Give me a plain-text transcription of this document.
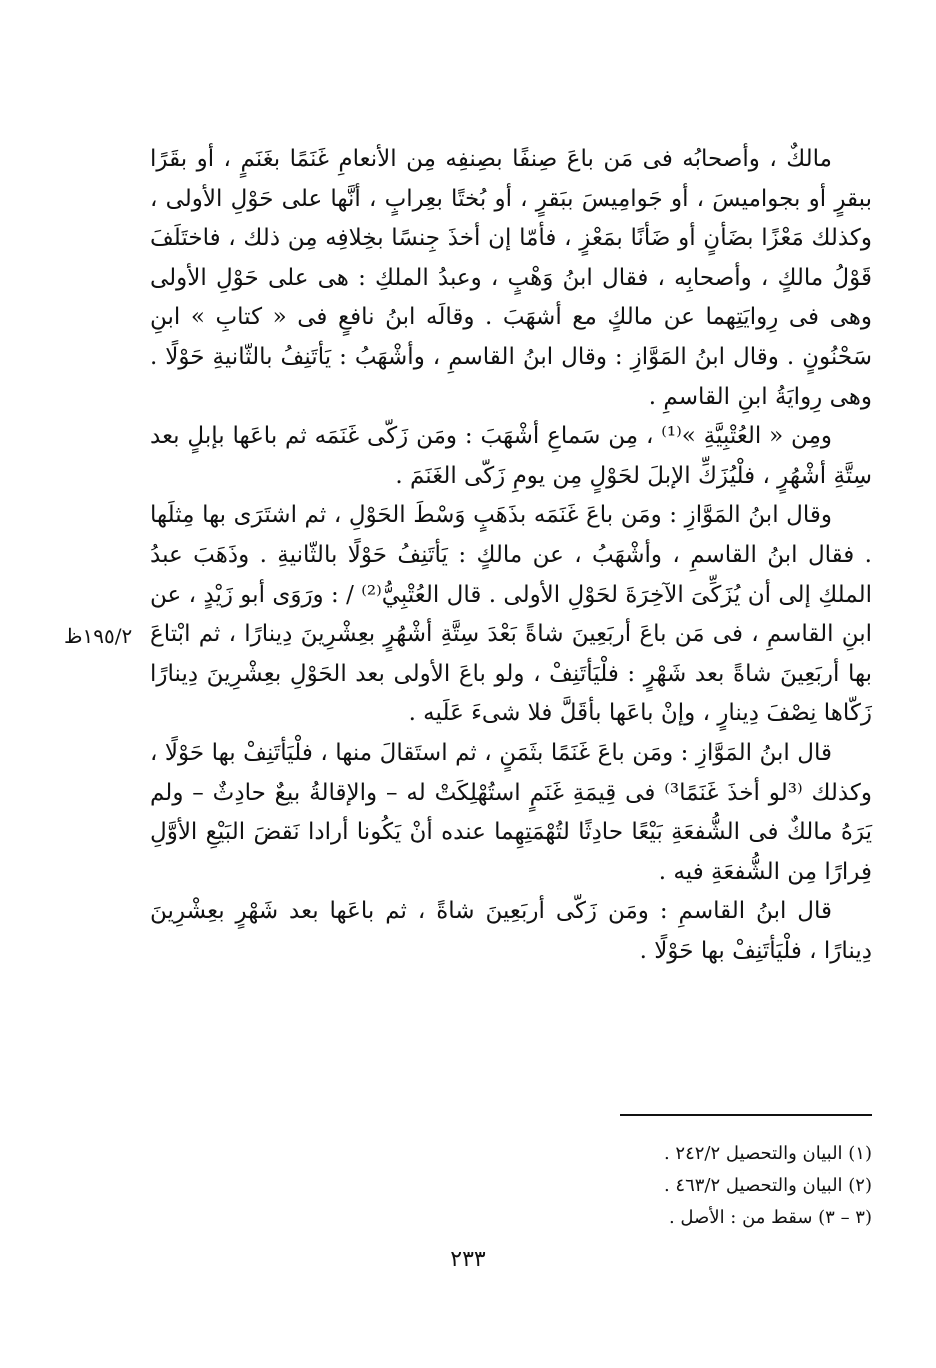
مالكٌ ، وأصحابُه فى مَن باعَ صِنفًا بصِنفِه مِن الأنعامِ غَنَمًا بغَنَمٍ ، أو بقَرًا ببقرٍ أو بجواميسَ ، أو جَوامِيسَ ببَقرٍ ، أو بُختًا بعِرابٍ ، أنَّها على حَوْلِ الأولى ، وكذلك مَعْزًا بضَأنٍ أو ضَأنًا بمَعْزٍ ، فأمّا إن أخذَ جِنسًا بخِلافِه مِن ذلك ، فاختَلَفَ قَوْلُ مالكٍ ، وأصحابِه ، فقال ابنُ وَهْبٍ ، وعبدُ الملكِ : هى على حَوْلِ الأولى وهى فى رِوايَتِهما عن مالكٍ مع أشهَبَ . وقالَه ابنُ نافعٍ فى « كتابِ » ابنِ سَحْنُونٍ . وقال ابنُ المَوَّازِ : وقال ابنُ القاسمِ ، وأشْهَبُ : يَأتَنِفُ بالثّانيةِ حَوْلًا . وهى رِوايَةُ ابنِ القاسمِ .

ومِن « العُتْبِيَّةِ »⁽¹⁾ ، مِن سَماعِ أشْهَبَ : ومَن زَكّى غَنَمَه ثم باعَها بإبلٍ بعد سِتَّةِ أشْهُرٍ ، فلْيُزَكِّ الإبلَ لحَوْلٍ مِن يومِ زَكّى الغَنَمَ .

وقال ابنُ المَوَّازِ : ومَن باعَ غَنَمَه بذَهَبٍ وَسْطَ الحَوْلِ ، ثم اشتَرَى بها مِثلَها . فقال ابنُ القاسمِ ، وأشْهَبُ ، عن مالكٍ : يَأتَنِفُ حَوْلًا بالثّانيةِ . وذَهَبَ عبدُ الملكِ إلى أن يُزَكِّىَ الآخِرَةَ لحَوْلِ الأولى . قال العُتْبِيُّ⁽²⁾ / : ورَوَى أبو زَيْدٍ ، عن ابنِ القاسمِ ، فى مَن باعَ أربَعِينَ شاةً بَعْدَ سِتَّةِ أشْهُرٍ بعِشْرِينَ دِينارًا ، ثم ابْتاعَ بها أربَعِينَ شاةً بعد شَهْرٍ : فلْيَأتَنِفْ ، ولو باعَ الأولى بعد الحَوْلِ بعِشْرِينَ دِينارًا زَكّاها نِصْفَ دِينارٍ ، وإنْ باعَها بأقَلَّ فلا شىءَ عَلَيه .

قال ابنُ المَوَّازِ : ومَن باعَ غَنَمًا بثَمَنٍ ، ثم استَقالَ منها ، فلْيَأتَنِفْ بها حَوْلًا ، وكذلك ⁽³لو أخذَ غَنَمًا³⁾ فى قِيمَةِ غَنَمٍ استُهْلِكَتْ له – والإقالةُ بيعٌ حادِثٌ – ولم يَرَهُ مالكٌ فى الشُّفعَةِ بَيْعًا حادِثًا لتُهْمَتِهِما عنده أنْ يَكُونا أرادا نَقضَ البَيْعِ الأوَّلِ فِرارًا مِن الشُّفعَةِ فيه .

قال ابنُ القاسمِ : ومَن زَكّى أربَعِينَ شاةً ، ثم باعَها بعد شَهْرٍ بعِشْرِينَ دِينارًا ، فلْيَأتَنِفْ بها حَوْلًا .

١٩٥/٢ظ
(١) البيان والتحصيل ٢٤٢/٢ .
(٢) البيان والتحصيل ٤٦٣/٢ .
(٣ – ٣) سقط من : الأصل .
٢٣٣
